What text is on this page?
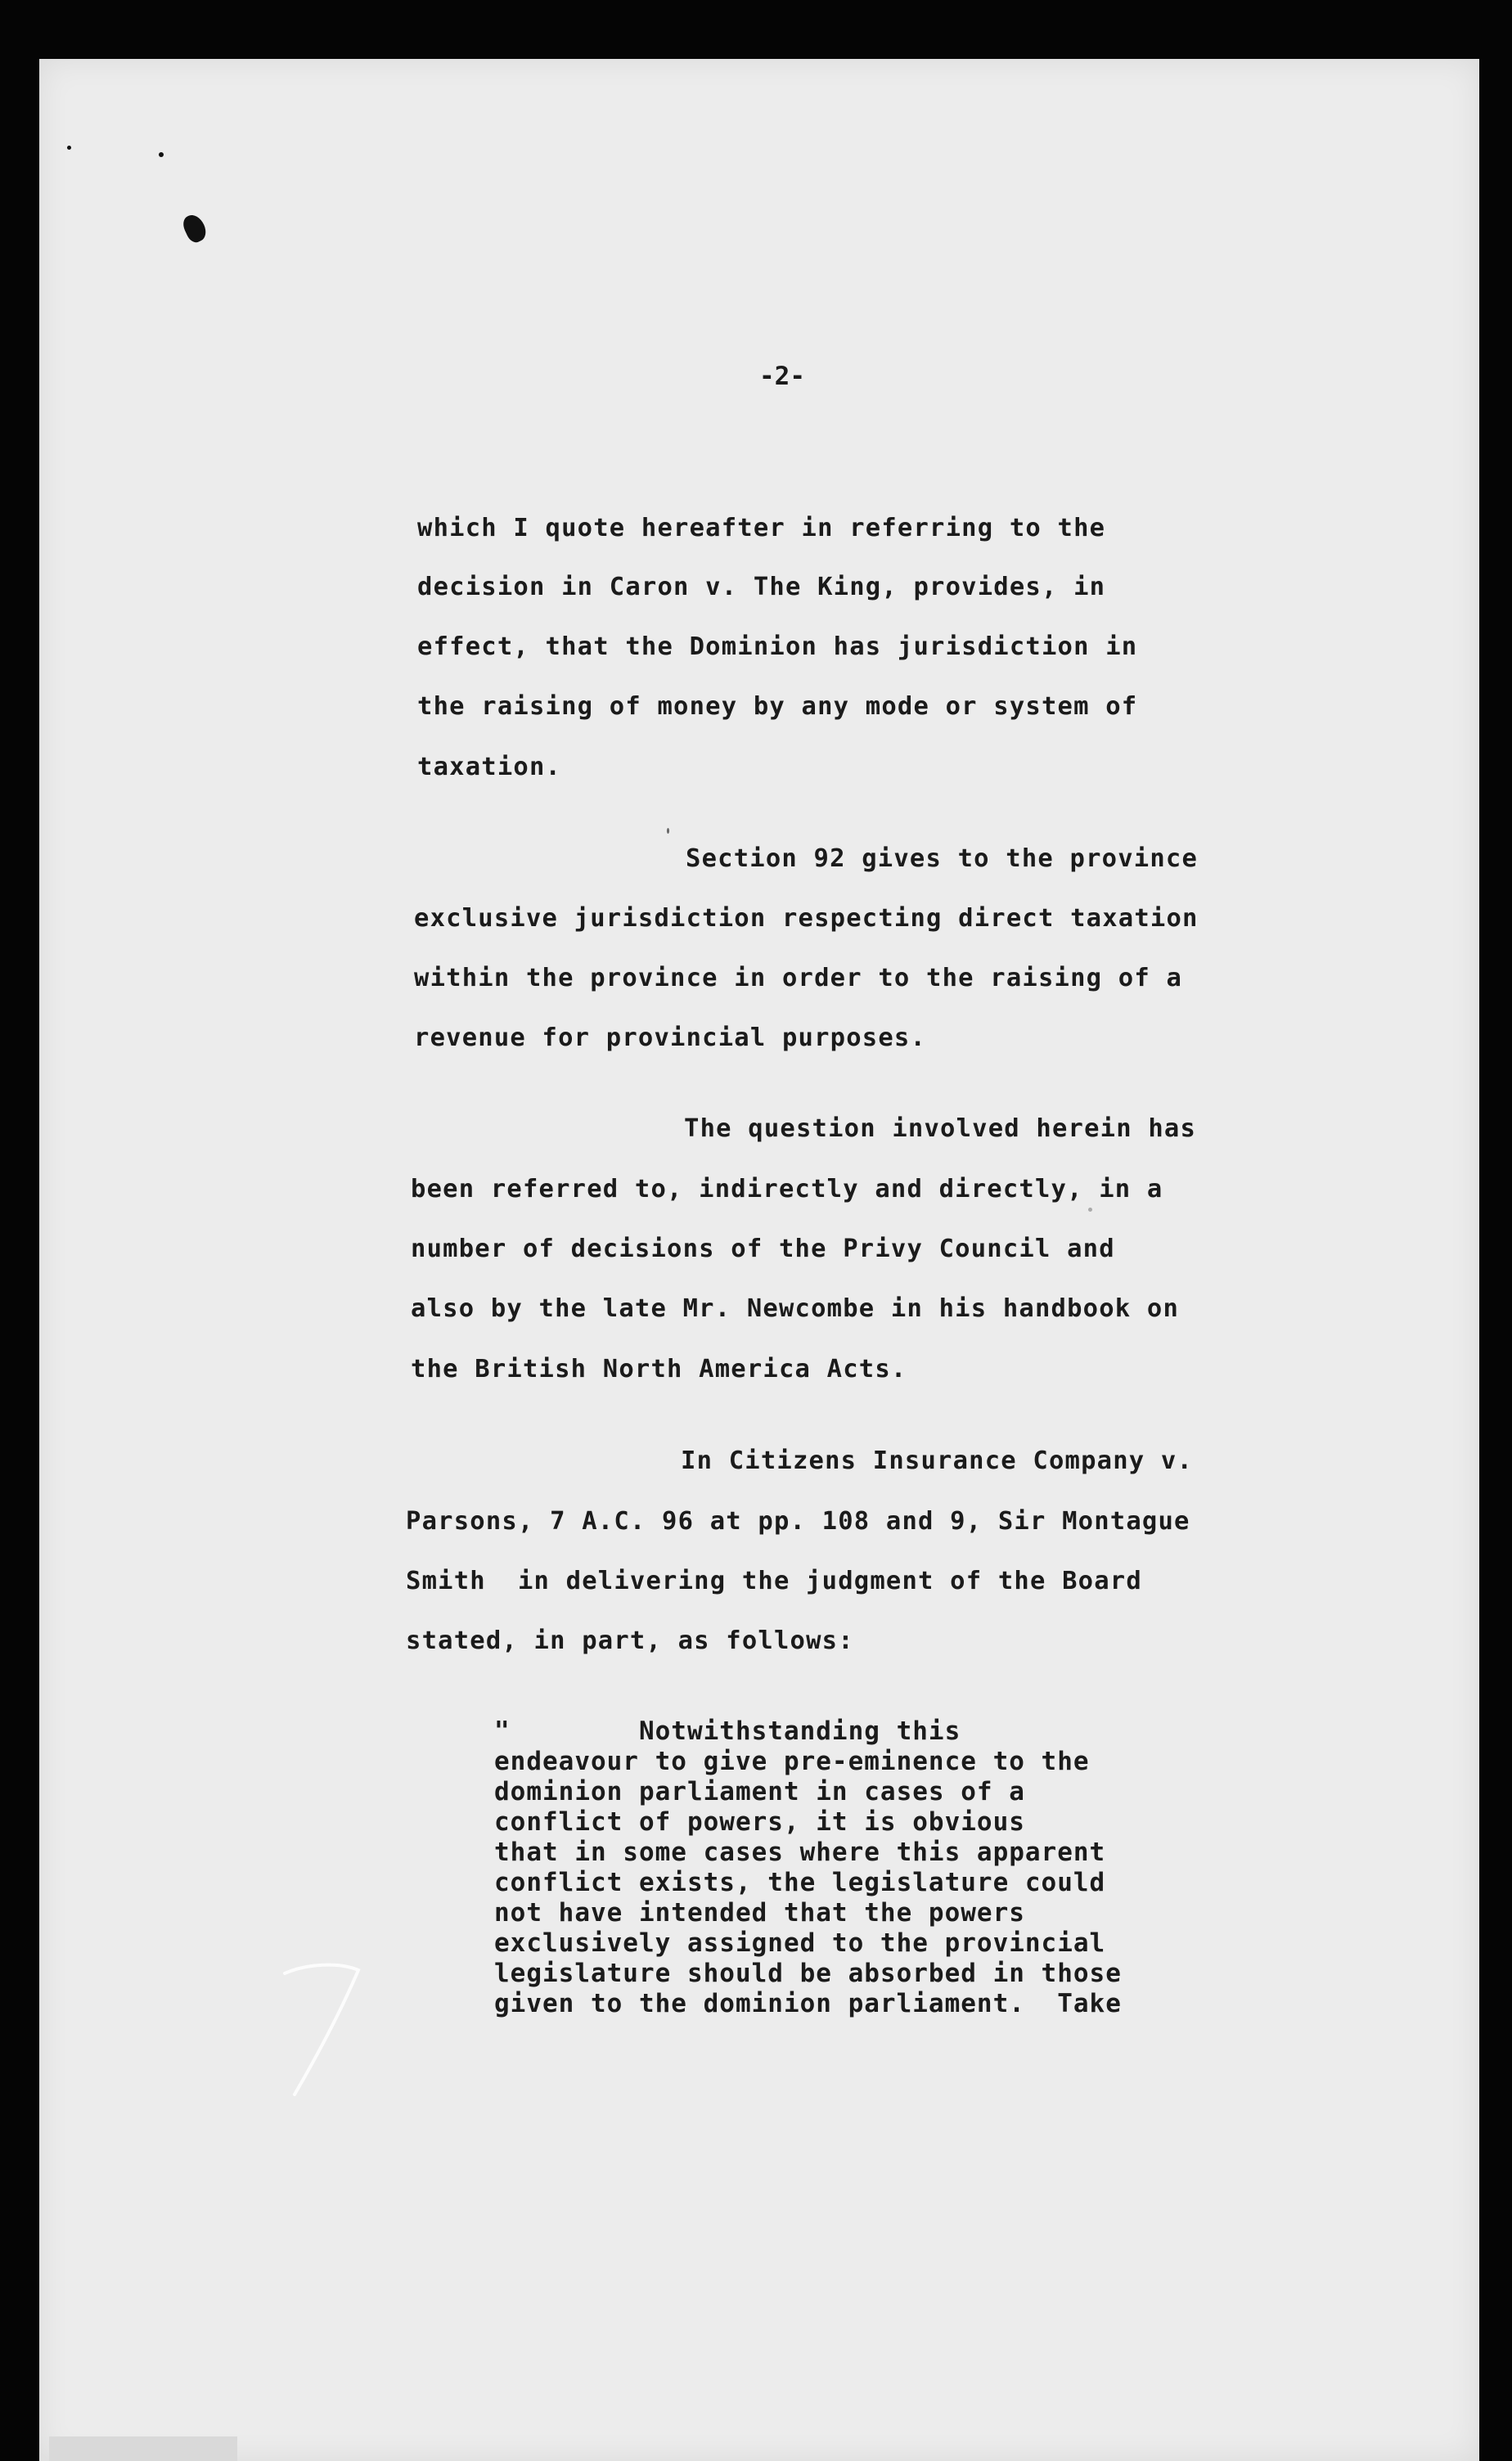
-2-
which I quote hereafter in referring to the
decision in Caron v. The King, provides, in
effect, that the Dominion has jurisdiction in
the raising of money by any mode or system of
taxation.
Section 92 gives to the province
exclusive jurisdiction respecting direct taxation
within the province in order to the raising of a
revenue for provincial purposes.
The question involved herein has
been referred to, indirectly and directly, in a
number of decisions of the Privy Council and
also by the late Mr. Newcombe in his handbook on
the British North America Acts.
In Citizens Insurance Company v.
Parsons, 7 A.C. 96 at pp. 108 and 9, Sir Montague
Smith  in delivering the judgment of the Board
stated, in part, as follows:
"        Notwithstanding this
endeavour to give pre-eminence to the
dominion parliament in cases of a
conflict of powers, it is obvious
that in some cases where this apparent
conflict exists, the legislature could
not have intended that the powers
exclusively assigned to the provincial
legislature should be absorbed in those
given to the dominion parliament.  Take
